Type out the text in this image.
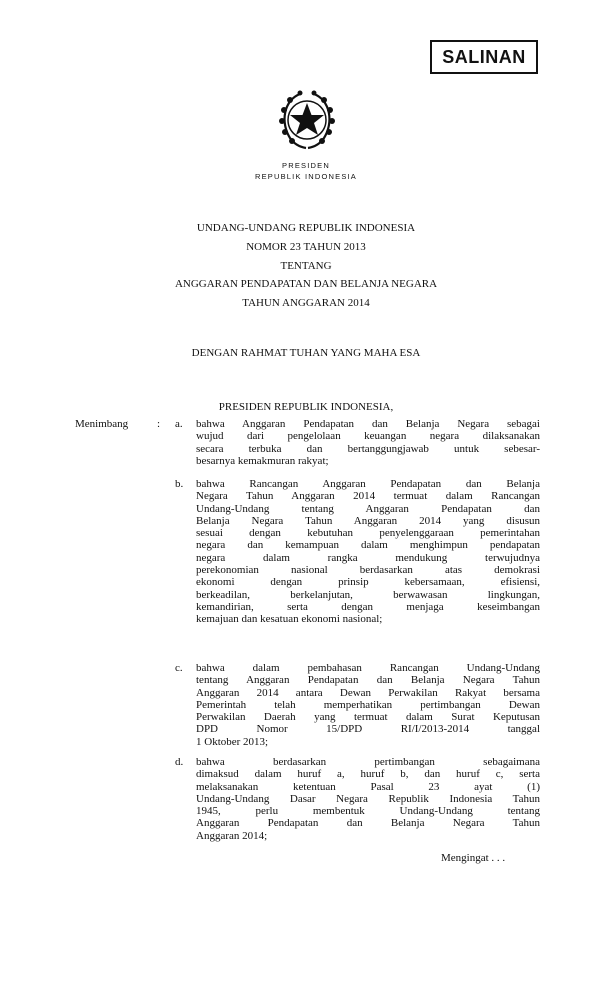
SALINAN
PRESIDEN
REPUBLIK INDONESIA
UNDANG-UNDANG REPUBLIK INDONESIA
NOMOR 23 TAHUN 2013
TENTANG
ANGGARAN PENDAPATAN DAN BELANJA NEGARA
TAHUN ANGGARAN 2014
DENGAN RAHMAT TUHAN YANG MAHA ESA
PRESIDEN REPUBLIK INDONESIA,
Menimbang	: a. bahwa Anggaran Pendapatan dan Belanja Negara sebagai
wujud dari pengelolaan keuangan negara dilaksanakan
secara terbuka dan bertanggungjawab untuk sebesar-
besarnya kemakmuran rakyat;
b. bahwa Rancangan Anggaran Pendapatan dan Belanja
Negara Tahun Anggaran 2014 termuat dalam Rancangan
Undang-Undang tentang Anggaran Pendapatan dan
Belanja Negara Tahun Anggaran 2014 yang disusun
sesuai dengan kebutuhan penyelenggaraan pemerintahan
negara dan kemampuan dalam menghimpun pendapatan
negara dalam rangka mendukung terwujudnya
perekonomian nasional berdasarkan atas demokrasi
ekonomi dengan prinsip kebersamaan, efisiensi,
berkeadilan, berkelanjutan, berwawasan lingkungan,
kemandirian, serta dengan menjaga keseimbangan
kemajuan dan kesatuan ekonomi nasional;
c. bahwa dalam pembahasan Rancangan Undang-Undang
tentang Anggaran Pendapatan dan Belanja Negara Tahun
Anggaran 2014 antara Dewan Perwakilan Rakyat bersama
Pemerintah telah memperhatikan pertimbangan Dewan
Perwakilan Daerah yang termuat dalam Surat Keputusan
DPD Nomor 15/DPD RI/I/2013-2014 tanggal
1 Oktober 2013;
d. bahwa berdasarkan pertimbangan sebagaimana
dimaksud dalam huruf a, huruf b, dan huruf c, serta
melaksanakan ketentuan Pasal 23 ayat (1)
Undang-Undang Dasar Negara Republik Indonesia Tahun
1945, perlu membentuk Undang-Undang tentang
Anggaran Pendapatan dan Belanja Negara Tahun
Anggaran 2014;
Mengingat . . .
